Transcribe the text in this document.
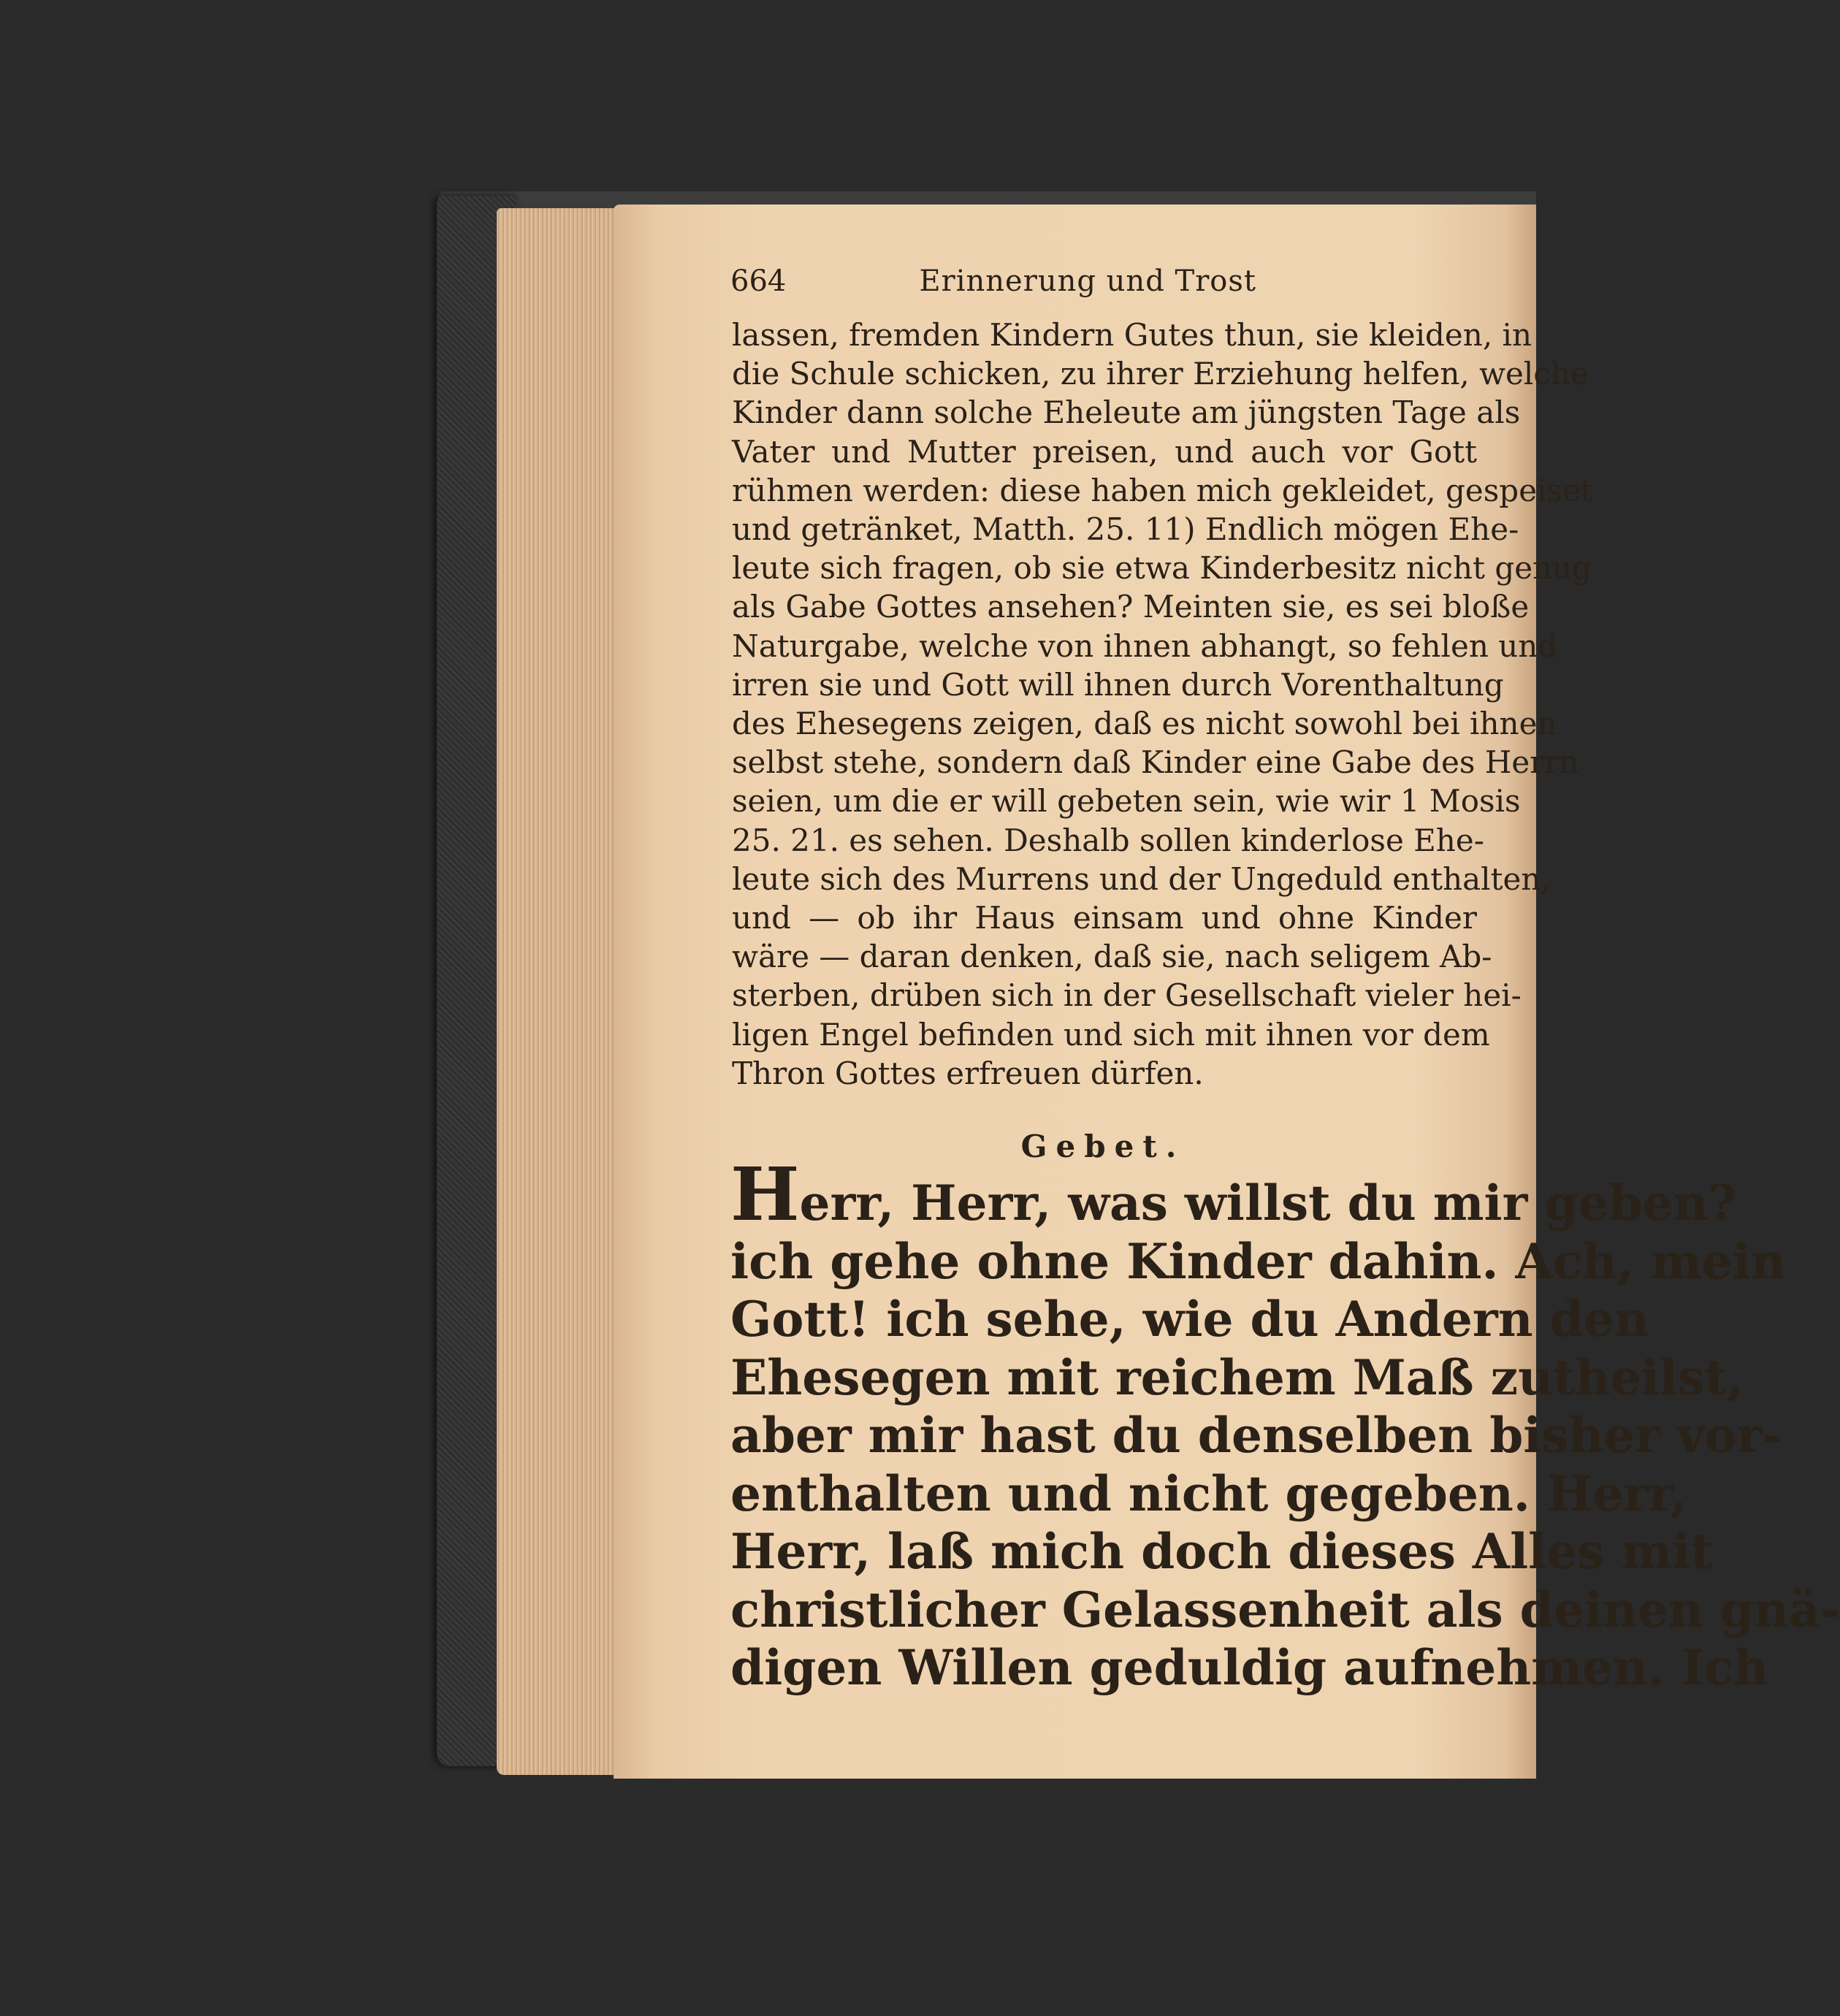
664	Erinnerung und Trost
lassen, fremden Kindern Gutes thun, sie kleiden, in
die Schule schicken, zu ihrer Erziehung helfen, welche
Kinder dann solche Eheleute am jüngsten Tage als
Vater und Mutter preisen, und auch vor Gott
rühmen werden: diese haben mich gekleidet, gespeiset
und getränket, Matth. 25. 11) Endlich mögen Ehe-
leute sich fragen, ob sie etwa Kinderbesitz nicht genug
als Gabe Gottes ansehen? Meinten sie, es sei bloße
Naturgabe, welche von ihnen abhangt, so fehlen und
irren sie und Gott will ihnen durch Vorenthaltung
des Ehesegens zeigen, daß es nicht sowohl bei ihnen
selbst stehe, sondern daß Kinder eine Gabe des Herrn
seien, um die er will gebeten sein, wie wir 1 Mosis
25. 21. es sehen. Deshalb sollen kinderlose Ehe-
leute sich des Murrens und der Ungeduld enthalten,
und — ob ihr Haus einsam und ohne Kinder
wäre — daran denken, daß sie, nach seligem Ab-
sterben, drüben sich in der Gesellschaft vieler hei-
ligen Engel befinden und sich mit ihnen vor dem
Thron Gottes erfreuen dürfen.
Gebet.
Herr, Herr, was willst du mir geben?
ich gehe ohne Kinder dahin. Ach, mein
Gott! ich sehe, wie du Andern den
Ehesegen mit reichem Maß zutheilst,
aber mir hast du denselben bisher vor-
enthalten und nicht gegeben. Herr,
Herr, laß mich doch dieses Alles mit
christlicher Gelassenheit als deinen gnä-
digen Willen geduldig aufnehmen. Ich
